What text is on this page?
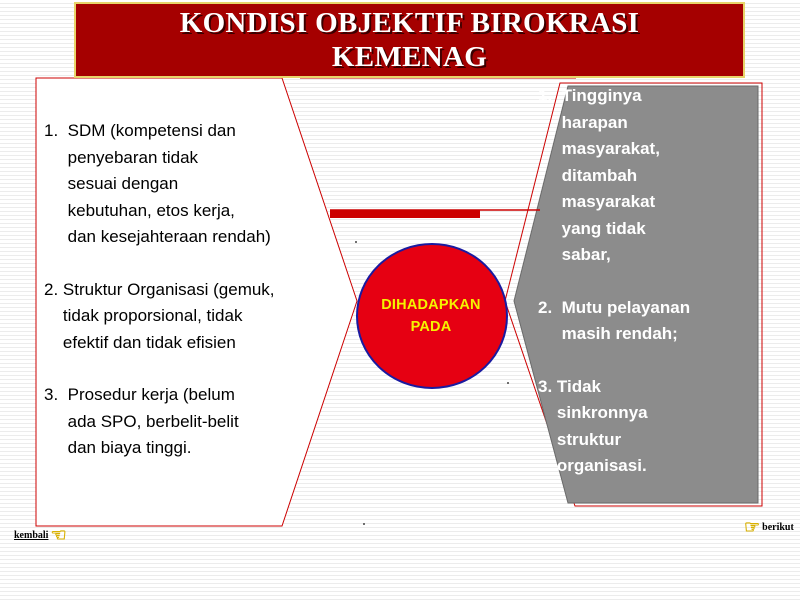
KONDISI OBJEKTIF BIROKRASI
KEMENAG
1. SDM (kompetensi dan
penyebaran tidak
sesuai dengan
kebutuhan, etos kerja,
dan kesejahteraan rendah)
2. Struktur Organisasi (gemuk,
tidak proporsional, tidak
efektif dan tidak efisien
3. Prosedur kerja (belum
ada SPO, berbelit-belit
dan biaya tinggi.
DIHADAPKAN
PADA
1. Tingginya
harapan
masyarakat,
ditambah
masyarakat
yang tidak
sabar,
2. Mutu pelayanan
masih rendah;
3. Tidak
sinkronnya
struktur
organisasi.
kembali ☜	☞ berikut
